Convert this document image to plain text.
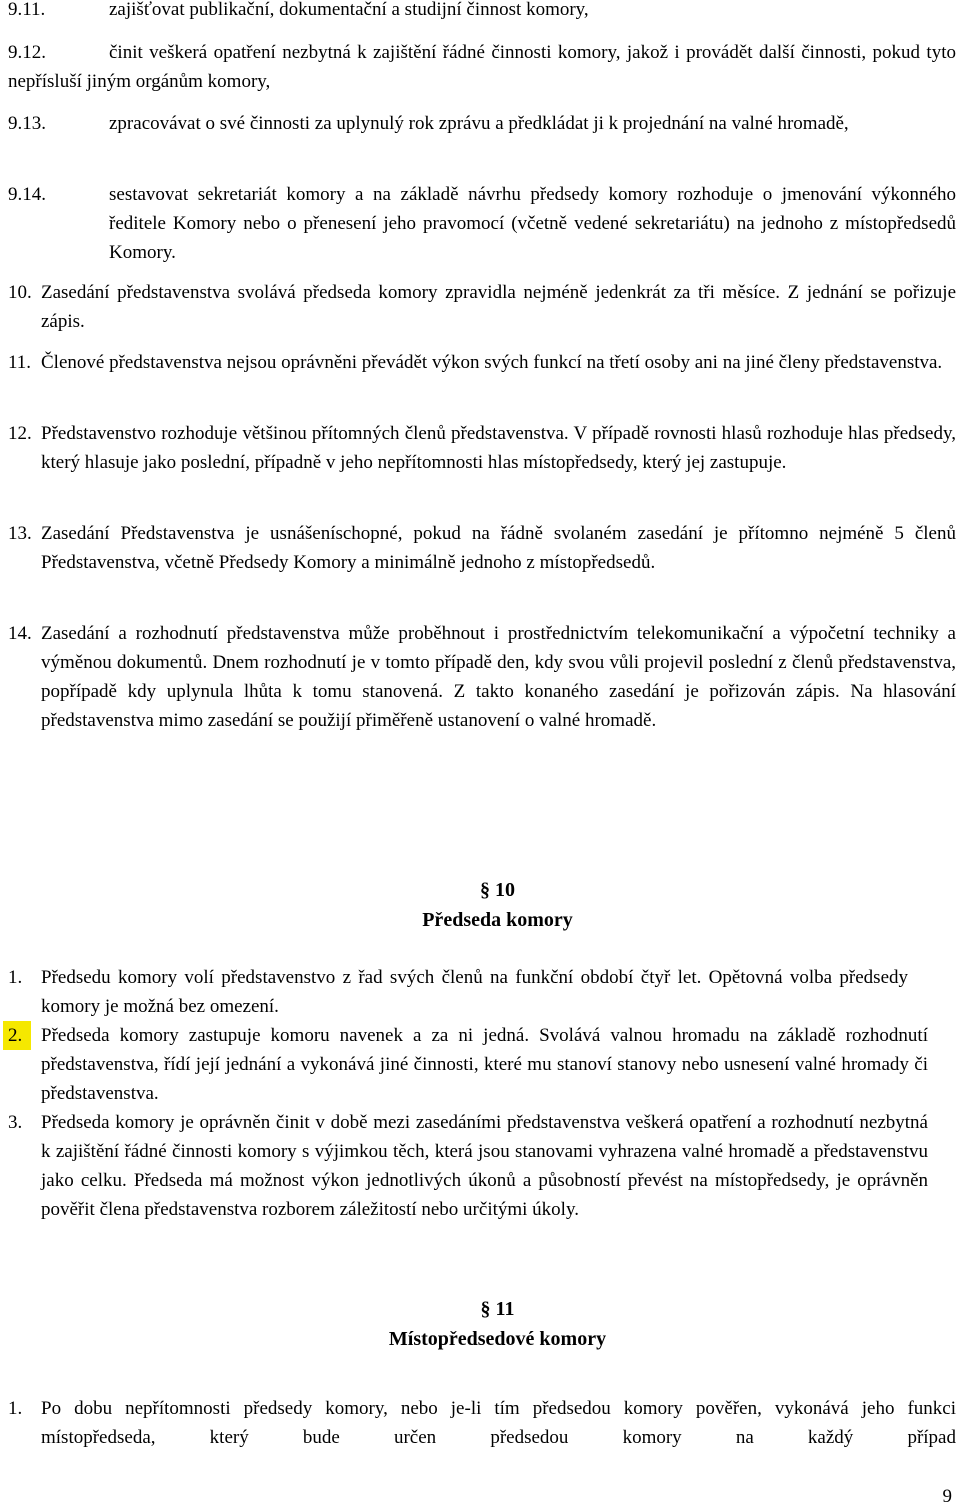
9.11.	zajišťovat publikační, dokumentační a studijní činnost komory,
9.12.	činit veškerá opatření nezbytná k zajištění řádné činnosti komory, jakož i provádět další činnosti, pokud tyto nepřísluší jiným orgánům komory,
9.13.	zpracovávat o své činnosti za uplynulý rok zprávu a předkládat ji k projednání na valné hromadě,
9.14.	sestavovat sekretariát komory a na základě návrhu předsedy komory rozhoduje o jmenování výkonného ředitele Komory nebo o přenesení jeho pravomocí (včetně vedené sekretariátu) na jednoho z místopředsedů Komory.
10. Zasedání představenstva svolává předseda komory zpravidla nejméně jedenkrát za tři měsíce. Z jednání se pořizuje zápis.
11. Členové představenstva nejsou oprávněni převádět výkon svých funkcí na třetí osoby ani na jiné členy představenstva.
12. Představenstvo rozhoduje většinou přítomných členů představenstva. V případě rovnosti hlasů rozhoduje hlas předsedy, který hlasuje jako poslední, případně v jeho nepřítomnosti hlas místopředsedy, který jej zastupuje.
13. Zasedání Představenstva je usnášeníschopné, pokud na řádně svolaném zasedání je přítomno nejméně 5 členů Představenstva, včetně Předsedy Komory a minimálně jednoho z místopředsedů.
14. Zasedání a rozhodnutí představenstva může proběhnout i prostřednictvím telekomunikační a výpočetní techniky a výměnou dokumentů. Dnem rozhodnutí je v tomto případě den, kdy svou vůli projevil poslední z členů představenstva, popřípadě kdy uplynula lhůta k tomu stanovená. Z takto konaného zasedání je pořizován zápis. Na hlasování představenstva mimo zasedání se použijí přiměřeně ustanovení o valné hromadě.
§ 10
Předseda komory
1. Předsedu komory volí představenstvo z řad svých členů na funkční období čtyř let. Opětovná volba předsedy komory je možná bez omezení.
2. Předseda komory zastupuje komoru navenek a za ni jedná. Svolává valnou hromadu na základě rozhodnutí představenstva, řídí její jednání a vykonává jiné činnosti, které mu stanoví stanovy nebo usnesení valné hromady či představenstva.
3. Předseda komory je oprávněn činit v době mezi zasedáními představenstva veškerá opatření a rozhodnutí nezbytná k zajištění řádné činnosti komory s výjimkou těch, která jsou stanovami vyhrazena valné hromadě a představenstvu jako celku. Předseda má možnost výkon jednotlivých úkonů a působností převést na místopředsedy, je oprávněn pověřit člena představenstva rozborem záležitostí nebo určitými úkoly.
§ 11
Místopředsedové komory
1. Po dobu nepřítomnosti předsedy komory, nebo je-li tím předsedou komory pověřen, vykonává jeho funkci místopředseda, který bude určen předsedou komory na každý případ
9
